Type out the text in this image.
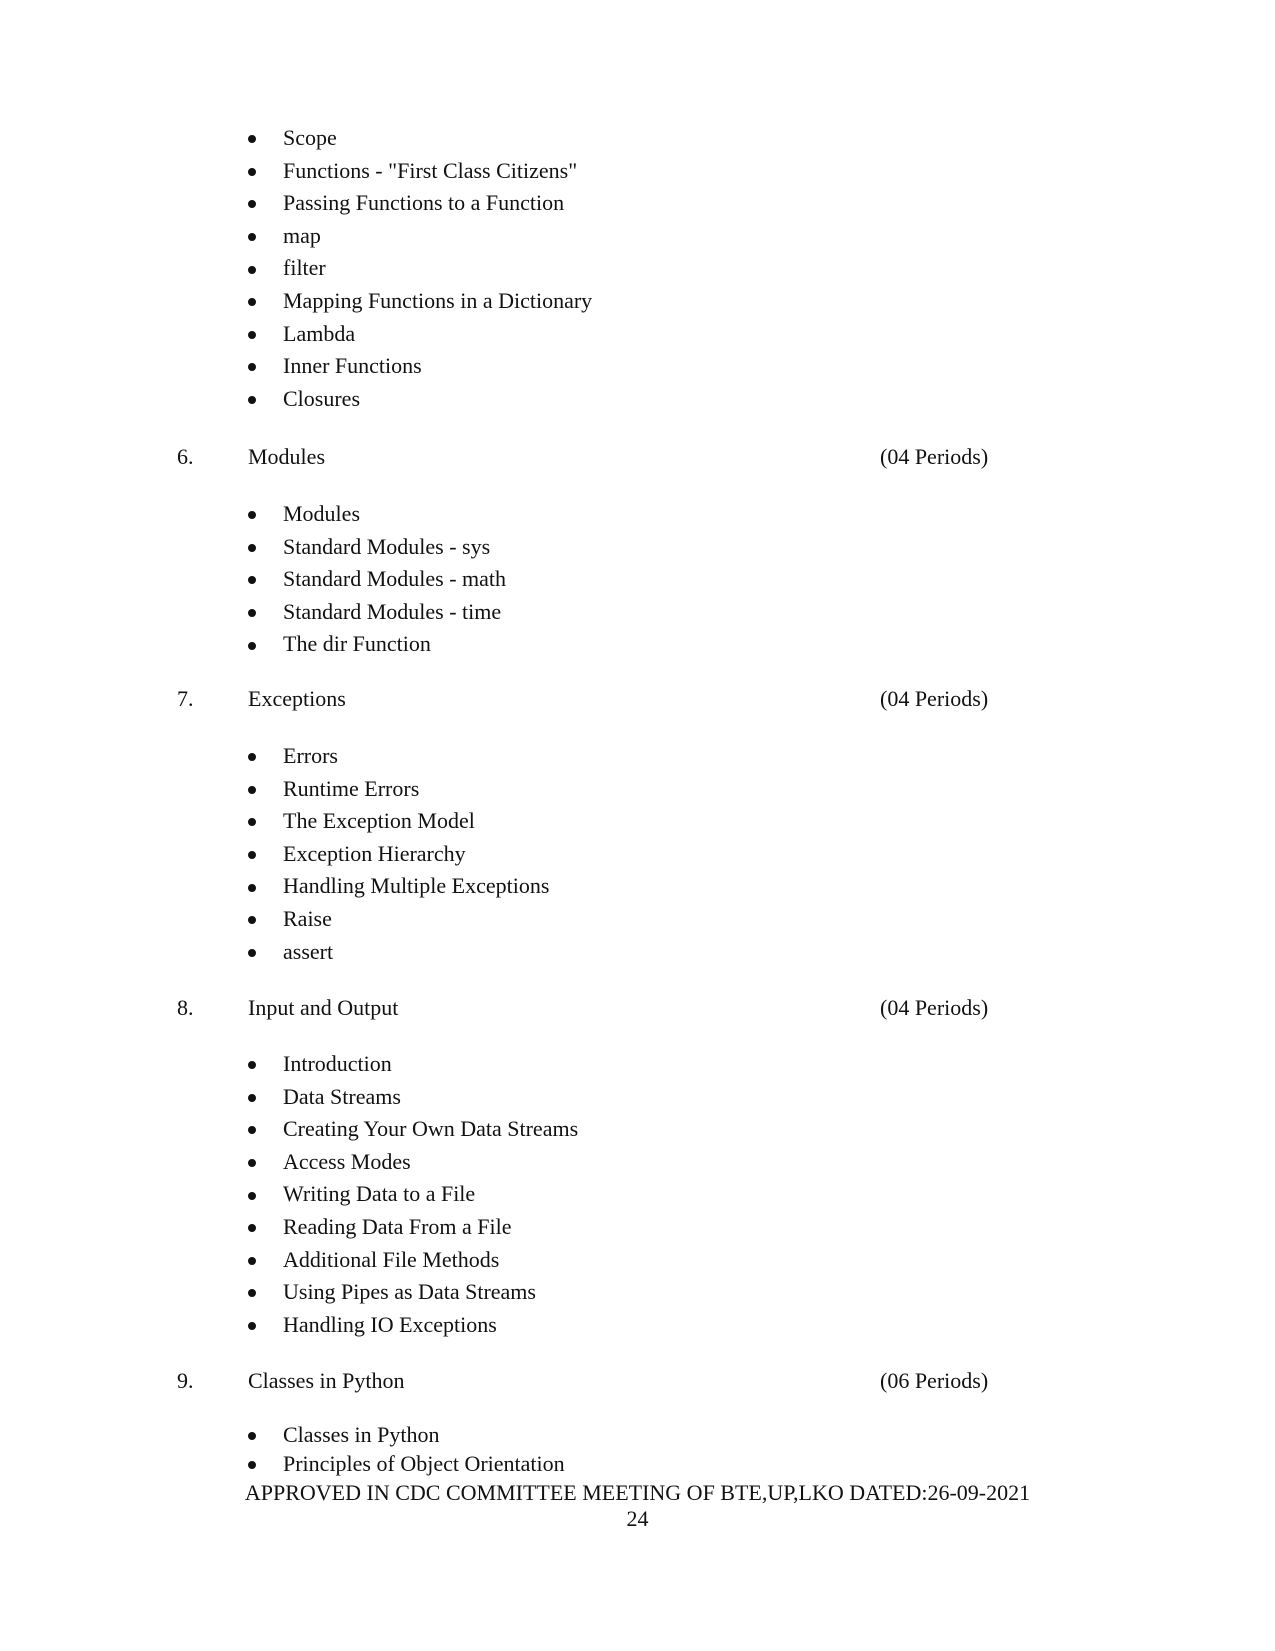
Scope
Functions - "First Class Citizens"
Passing Functions to a Function
map
filter
Mapping Functions in a Dictionary
Lambda
Inner Functions
Closures
6. Modules	(04 Periods)
Modules
Standard Modules - sys
Standard Modules - math
Standard Modules - time
The dir Function
7. Exceptions	(04 Periods)
Errors
Runtime Errors
The Exception Model
Exception Hierarchy
Handling Multiple Exceptions
Raise
assert
8. Input and Output	(04 Periods)
Introduction
Data Streams
Creating Your Own Data Streams
Access Modes
Writing Data to a File
Reading Data From a File
Additional File Methods
Using Pipes as Data Streams
Handling IO Exceptions
9. Classes in Python	(06 Periods)
Classes in Python
Principles of Object Orientation
APPROVED IN CDC COMMITTEE MEETING OF BTE,UP,LKO DATED:26-09-2021
24
